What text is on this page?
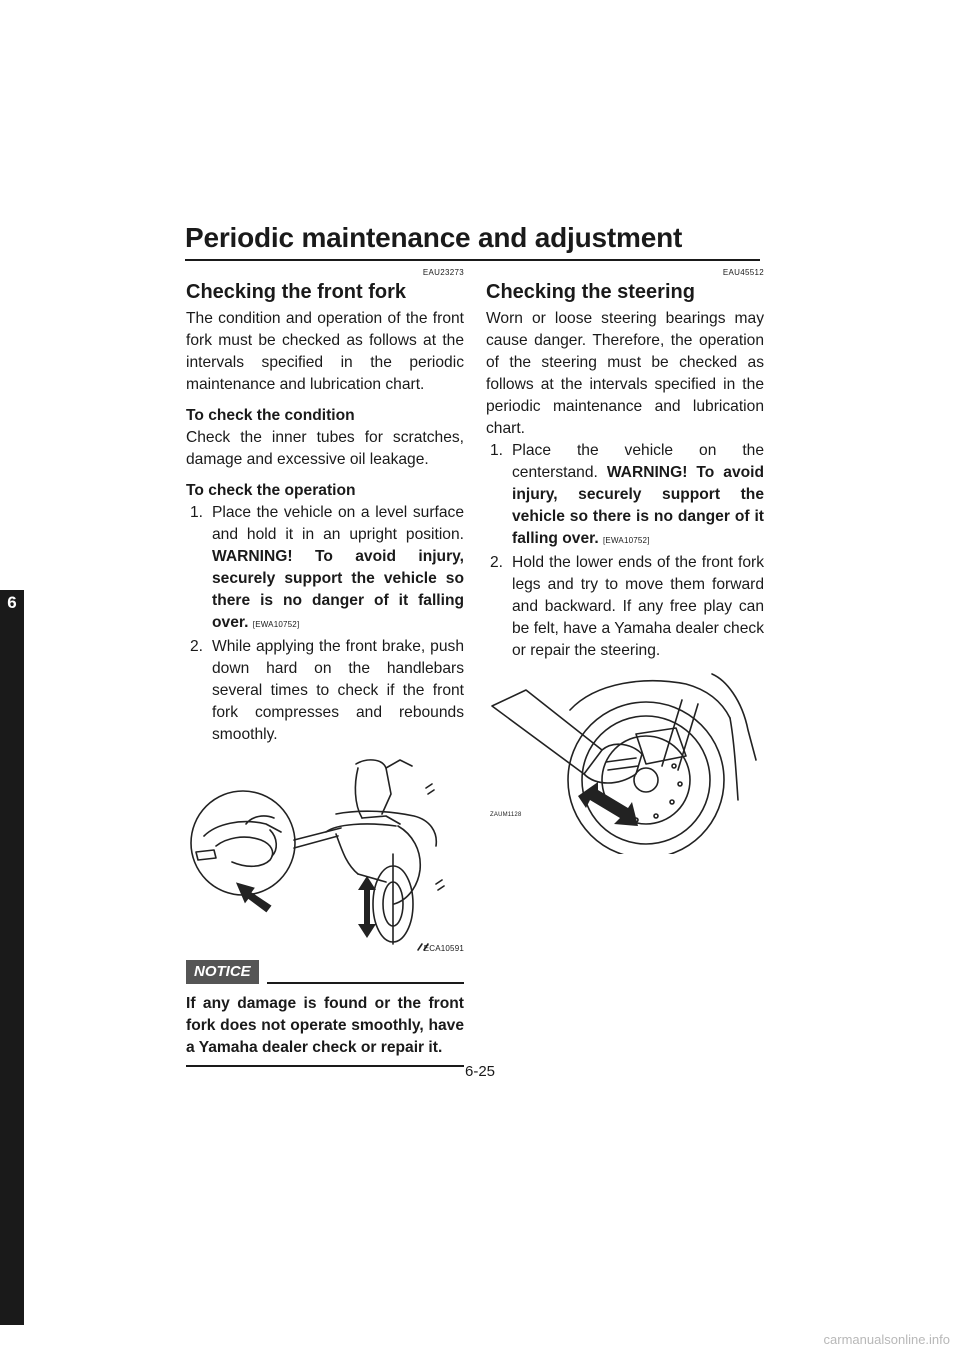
Periodic maintenance and adjustment
6
EAU23273
Checking the front fork

The condition and operation of the front fork must be checked as follows at the intervals specified in the periodic maintenance and lubrication chart.

To check the condition

Check the inner tubes for scratches, damage and excessive oil leakage.

To check the operation

1. Place the vehicle on a level surface and hold it in an upright position. WARNING! To avoid injury, securely support the vehicle so there is no danger of it falling over. [EWA10752]
2. While applying the front brake, push down hard on the handlebars several times to check if the front fork compresses and rebounds smoothly.
ECA10591
NOTICE

If any damage is found or the front fork does not operate smoothly, have a Yamaha dealer check or repair it.

EAU45512
Checking the steering

Worn or loose steering bearings may cause danger. Therefore, the operation of the steering must be checked as follows at the intervals specified in the periodic maintenance and lubrication chart.

1. Place the vehicle on the centerstand. WARNING! To avoid injury, securely support the vehicle so there is no danger of it falling over. [EWA10752]
2. Hold the lower ends of the front fork legs and try to move them forward and backward. If any free play can be felt, have a Yamaha dealer check or repair the steering.
ZAUM1128
6-25
carmanualsonline.info
